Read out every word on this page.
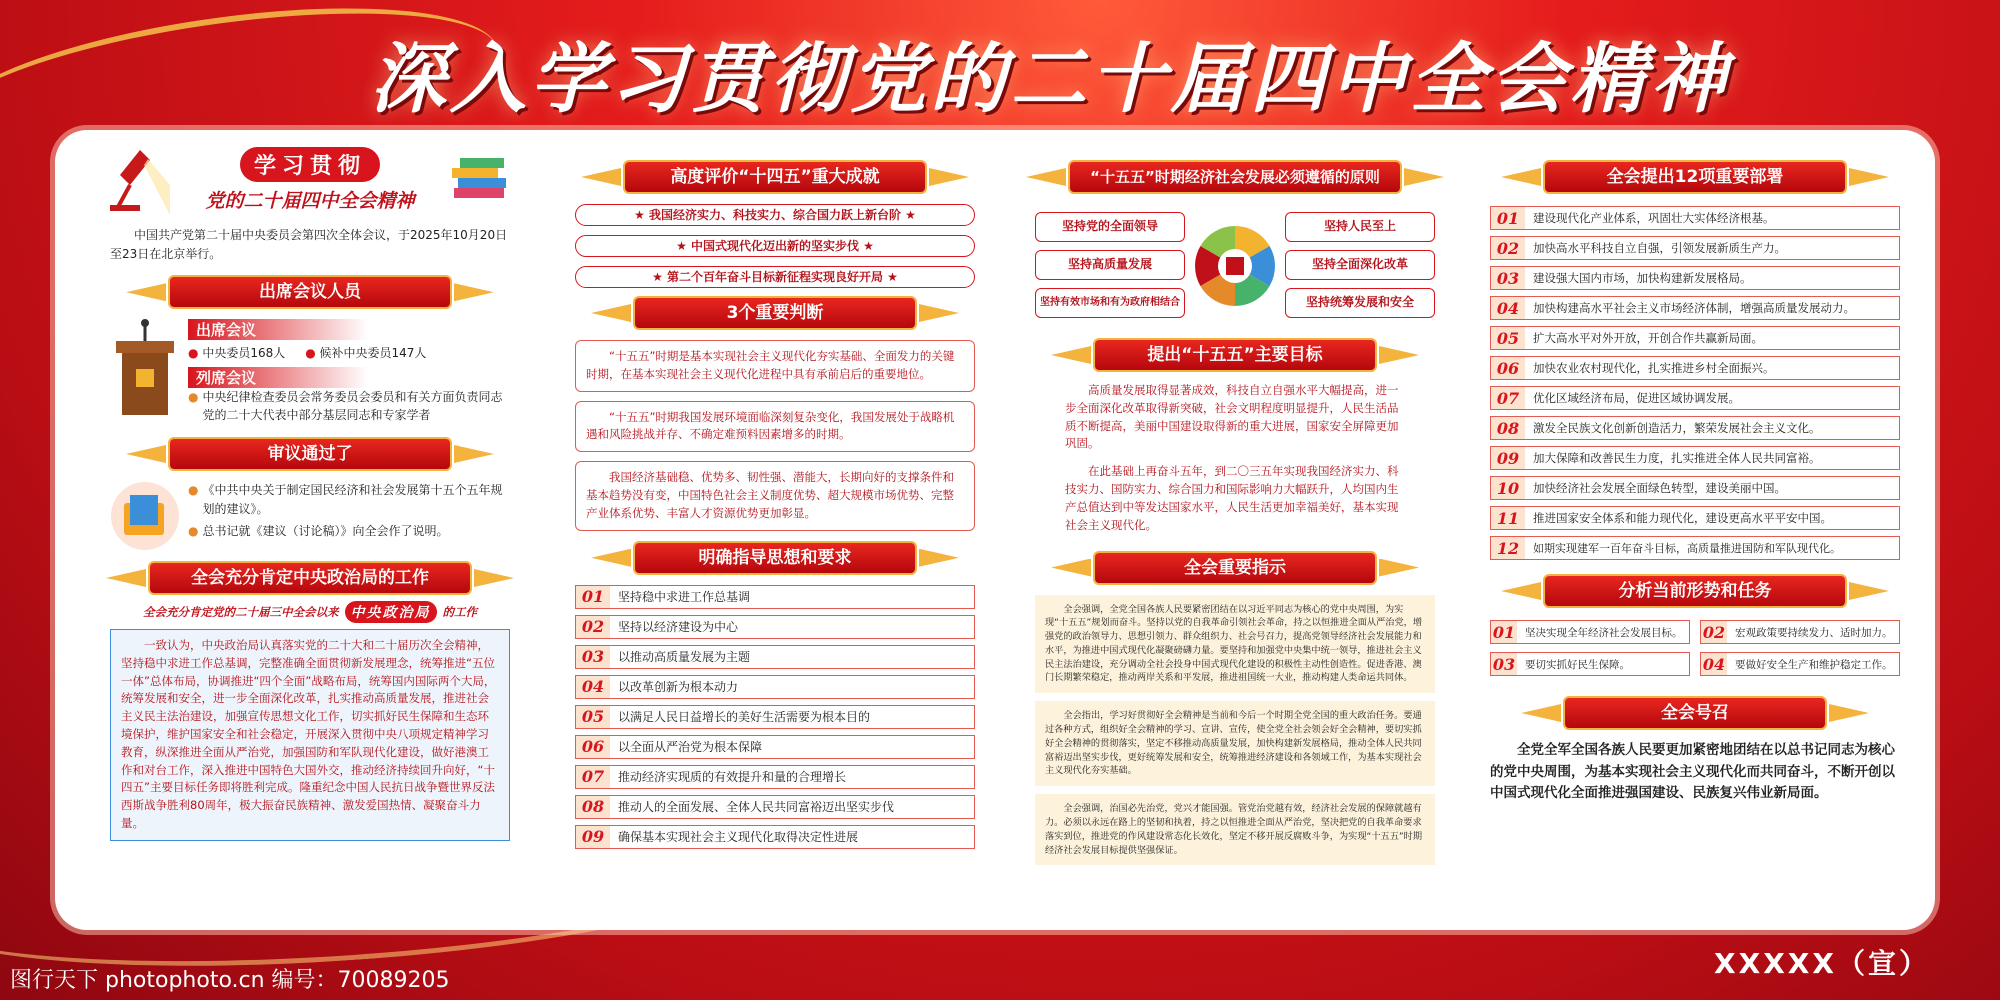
深入学习贯彻党的二十届四中全会精神
学习贯彻
党的二十届四中全会精神
中国共产党第二十届中央委员会第四次全体会议，于2025年10月20日至23日在北京举行。
出席会议人员
出席会议
● 中央委员168人 ● 候补中央委员147人
列席会议
● 中央纪律检查委员会常务委员会委员和有关方面负责同志党的二十大代表中部分基层同志和专家学者
审议通过了
● 《中共中央关于制定国民经济和社会发展第十五个五年规划的建议》。
● 总书记就《建议（讨论稿）》向全会作了说明。
全会充分肯定中央政治局的工作
全会充分肯定党的二十届三中全会以来 中央政治局	的工作
一致认为，中央政治局认真落实党的二十大和二十届历次全会精神，坚持稳中求进工作总基调，完整准确全面贯彻新发展理念，统筹推进“五位一体”总体布局，协调推进“四个全面”战略布局，统筹国内国际两个大局，统筹发展和安全，进一步全面深化改革，扎实推动高质量发展，推进社会主义民主法治建设，加强宣传思想文化工作，切实抓好民生保障和生态环境保护，维护国家安全和社会稳定，开展深入贯彻中央八项规定精神学习教育，纵深推进全面从严治党，加强国防和军队现代化建设，做好港澳工作和对台工作，深入推进中国特色大国外交，推动经济持续回升向好，“十四五”主要目标任务即将胜利完成。隆重纪念中国人民抗日战争暨世界反法西斯战争胜利80周年，极大振奋民族精神、激发爱国热情、凝聚奋斗力量。
高度评价“十四五”重大成就
★ 我国经济实力、科技实力、综合国力跃上新台阶 ★
★ 中国式现代化迈出新的坚实步伐 ★
★ 第二个百年奋斗目标新征程实现良好开局 ★
3个重要判断
“十五五”时期是基本实现社会主义现代化夯实基础、全面发力的关键时期，在基本实现社会主义现代化进程中具有承前启后的重要地位。
“十五五”时期我国发展环境面临深刻复杂变化，我国发展处于战略机遇和风险挑战并存、不确定难预料因素增多的时期。
我国经济基础稳、优势多、韧性强、潜能大，长期向好的支撑条件和基本趋势没有变，中国特色社会主义制度优势、超大规模市场优势、完整产业体系优势、丰富人才资源优势更加彰显。
明确指导思想和要求
01	坚持稳中求进工作总基调
02	坚持以经济建设为中心
03	以推动高质量发展为主题
04	以改革创新为根本动力
05	以满足人民日益增长的美好生活需要为根本目的
06	以全面从严治党为根本保障
07	推动经济实现质的有效提升和量的合理增长
08	推动人的全面发展、全体人民共同富裕迈出坚实步伐
09	确保基本实现社会主义现代化取得决定性进展
“十五五”时期经济社会发展必须遵循的原则
坚持党的全面领导	坚持人民至上
坚持高质量发展	坚持全面深化改革
坚持有效市场和有为政府相结合	坚持统筹发展和安全
提出“十五五”主要目标
高质量发展取得显著成效，科技自立自强水平大幅提高，进一步全面深化改革取得新突破，社会文明程度明显提升，人民生活品质不断提高，美丽中国建设取得新的重大进展，国家安全屏障更加巩固。
在此基础上再奋斗五年，到二〇三五年实现我国经济实力、科技实力、国防实力、综合国力和国际影响力大幅跃升，人均国内生产总值达到中等发达国家水平，人民生活更加幸福美好，基本实现社会主义现代化。
全会重要指示
全会强调，全党全国各族人民要紧密团结在以习近平同志为核心的党中央周围，为实现“十五五”规划而奋斗。坚持以党的自我革命引领社会革命，持之以恒推进全面从严治党，增强党的政治领导力、思想引领力、群众组织力、社会号召力，提高党领导经济社会发展能力和水平，为推进中国式现代化凝聚磅礴力量。要坚持和加强党中央集中统一领导，推进社会主义民主法治建设，充分调动全社会投身中国式现代化建设的积极性主动性创造性。促进香港、澳门长期繁荣稳定，推动两岸关系和平发展，推进祖国统一大业，推动构建人类命运共同体。
全会指出，学习好贯彻好全会精神是当前和今后一个时期全党全国的重大政治任务。要通过各种方式，组织好全会精神的学习、宣讲、宣传，使全党全社会领会好全会精神，要切实抓好全会精神的贯彻落实，坚定不移推动高质量发展，加快构建新发展格局，推动全体人民共同富裕迈出坚实步伐，更好统筹发展和安全，统筹推进经济建设和各领域工作，为基本实现社会主义现代化夯实基础。
全会强调，治国必先治党，党兴才能国强。管党治党越有效，经济社会发展的保障就越有力。必须以永远在路上的坚韧和执着，持之以恒推进全面从严治党，坚决把党的自我革命要求落实到位，推进党的作风建设常态化长效化，坚定不移开展反腐败斗争，为实现“十五五”时期经济社会发展目标提供坚强保证。
全会提出12项重要部署
01	建设现代化产业体系，巩固壮大实体经济根基。
02	加快高水平科技自立自强，引领发展新质生产力。
03	建设强大国内市场，加快构建新发展格局。
04	加快构建高水平社会主义市场经济体制，增强高质量发展动力。
05	扩大高水平对外开放，开创合作共赢新局面。
06	加快农业农村现代化，扎实推进乡村全面振兴。
07	优化区域经济布局，促进区域协调发展。
08	激发全民族文化创新创造活力，繁荣发展社会主义文化。
09	加大保障和改善民生力度，扎实推进全体人民共同富裕。
10	加快经济社会发展全面绿色转型，建设美丽中国。
11	推进国家安全体系和能力现代化，建设更高水平平安中国。
12	如期实现建军一百年奋斗目标，高质量推进国防和军队现代化。
分析当前形势和任务
01 坚决实现全年经济社会发展目标。 02 宏观政策要持续发力、适时加力。
03 要切实抓好民生保障。	04 要做好安全生产和维护稳定工作。
全会号召
全党全军全国各族人民要更加紧密地团结在以总书记同志为核心的党中央周围，为基本实现社会主义现代化而共同奋斗，不断开创以中国式现代化全面推进强国建设、民族复兴伟业新局面。
图行天下 photophoto.cn 编号：70089205
XXXXX（宣）
